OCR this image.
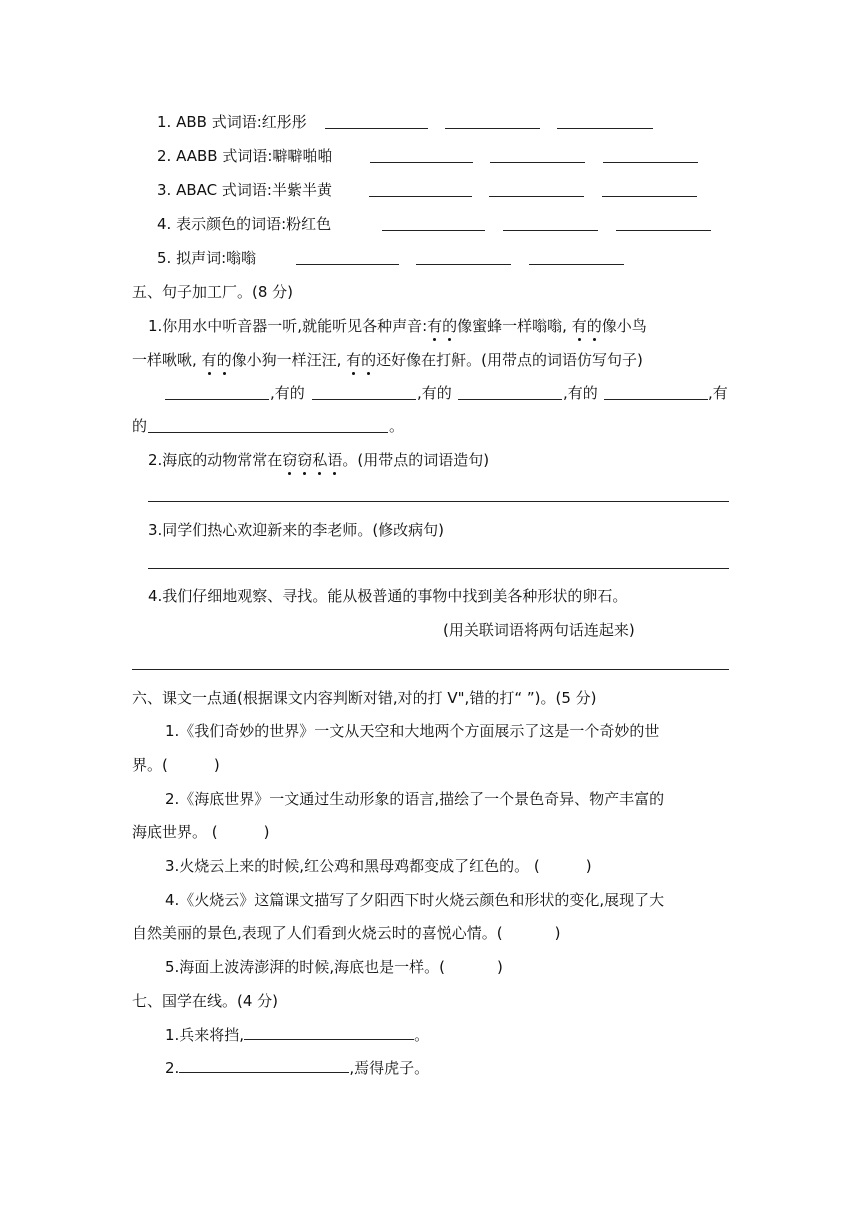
1. ABB 式词语:红彤彤
2. AABB 式词语:噼噼啪啪
3. ABAC 式词语:半紫半黄
4. 表示颜色的词语:粉红色
5. 拟声词:嗡嗡
五、句子加工厂。(8 分)
1.你用水中听音器一听,就能听见各种声音:有的像蜜蜂一样嗡嗡, 有的像小鸟
一样啾啾, 有的像小狗一样汪汪, 有的还好像在打鼾。(用带点的词语仿写句子)
,有的	,有的	,有的	,有
的	。
2.海底的动物常常在窃窃私语。(用带点的词语造句)
3.同学们热心欢迎新来的李老师。(修改病句)
4.我们仔细地观察、寻找。能从极普通的事物中找到美各种形状的卵石。
(用关联词语将两句话连起来)
六、课文一点通(根据课文内容判断对错,对的打 V",错的打“ ”)。(5 分)
1.《我们奇妙的世界》一文从天空和大地两个方面展示了这是一个奇妙的世
界。(	)
2.《海底世界》一文通过生动形象的语言,描绘了一个景色奇异、物产丰富的
海底世界。 (	)
3.火烧云上来的时候,红公鸡和黑母鸡都变成了红色的。 (	)
4.《火烧云》这篇课文描写了夕阳西下时火烧云颜色和形状的变化,展现了大
自然美丽的景色,表现了人们看到火烧云时的喜悦心情。(	)
5.海面上波涛澎湃的时候,海底也是一样。(	)
七、国学在线。(4 分)
1.兵来将挡,	。
2.	,焉得虎子。
